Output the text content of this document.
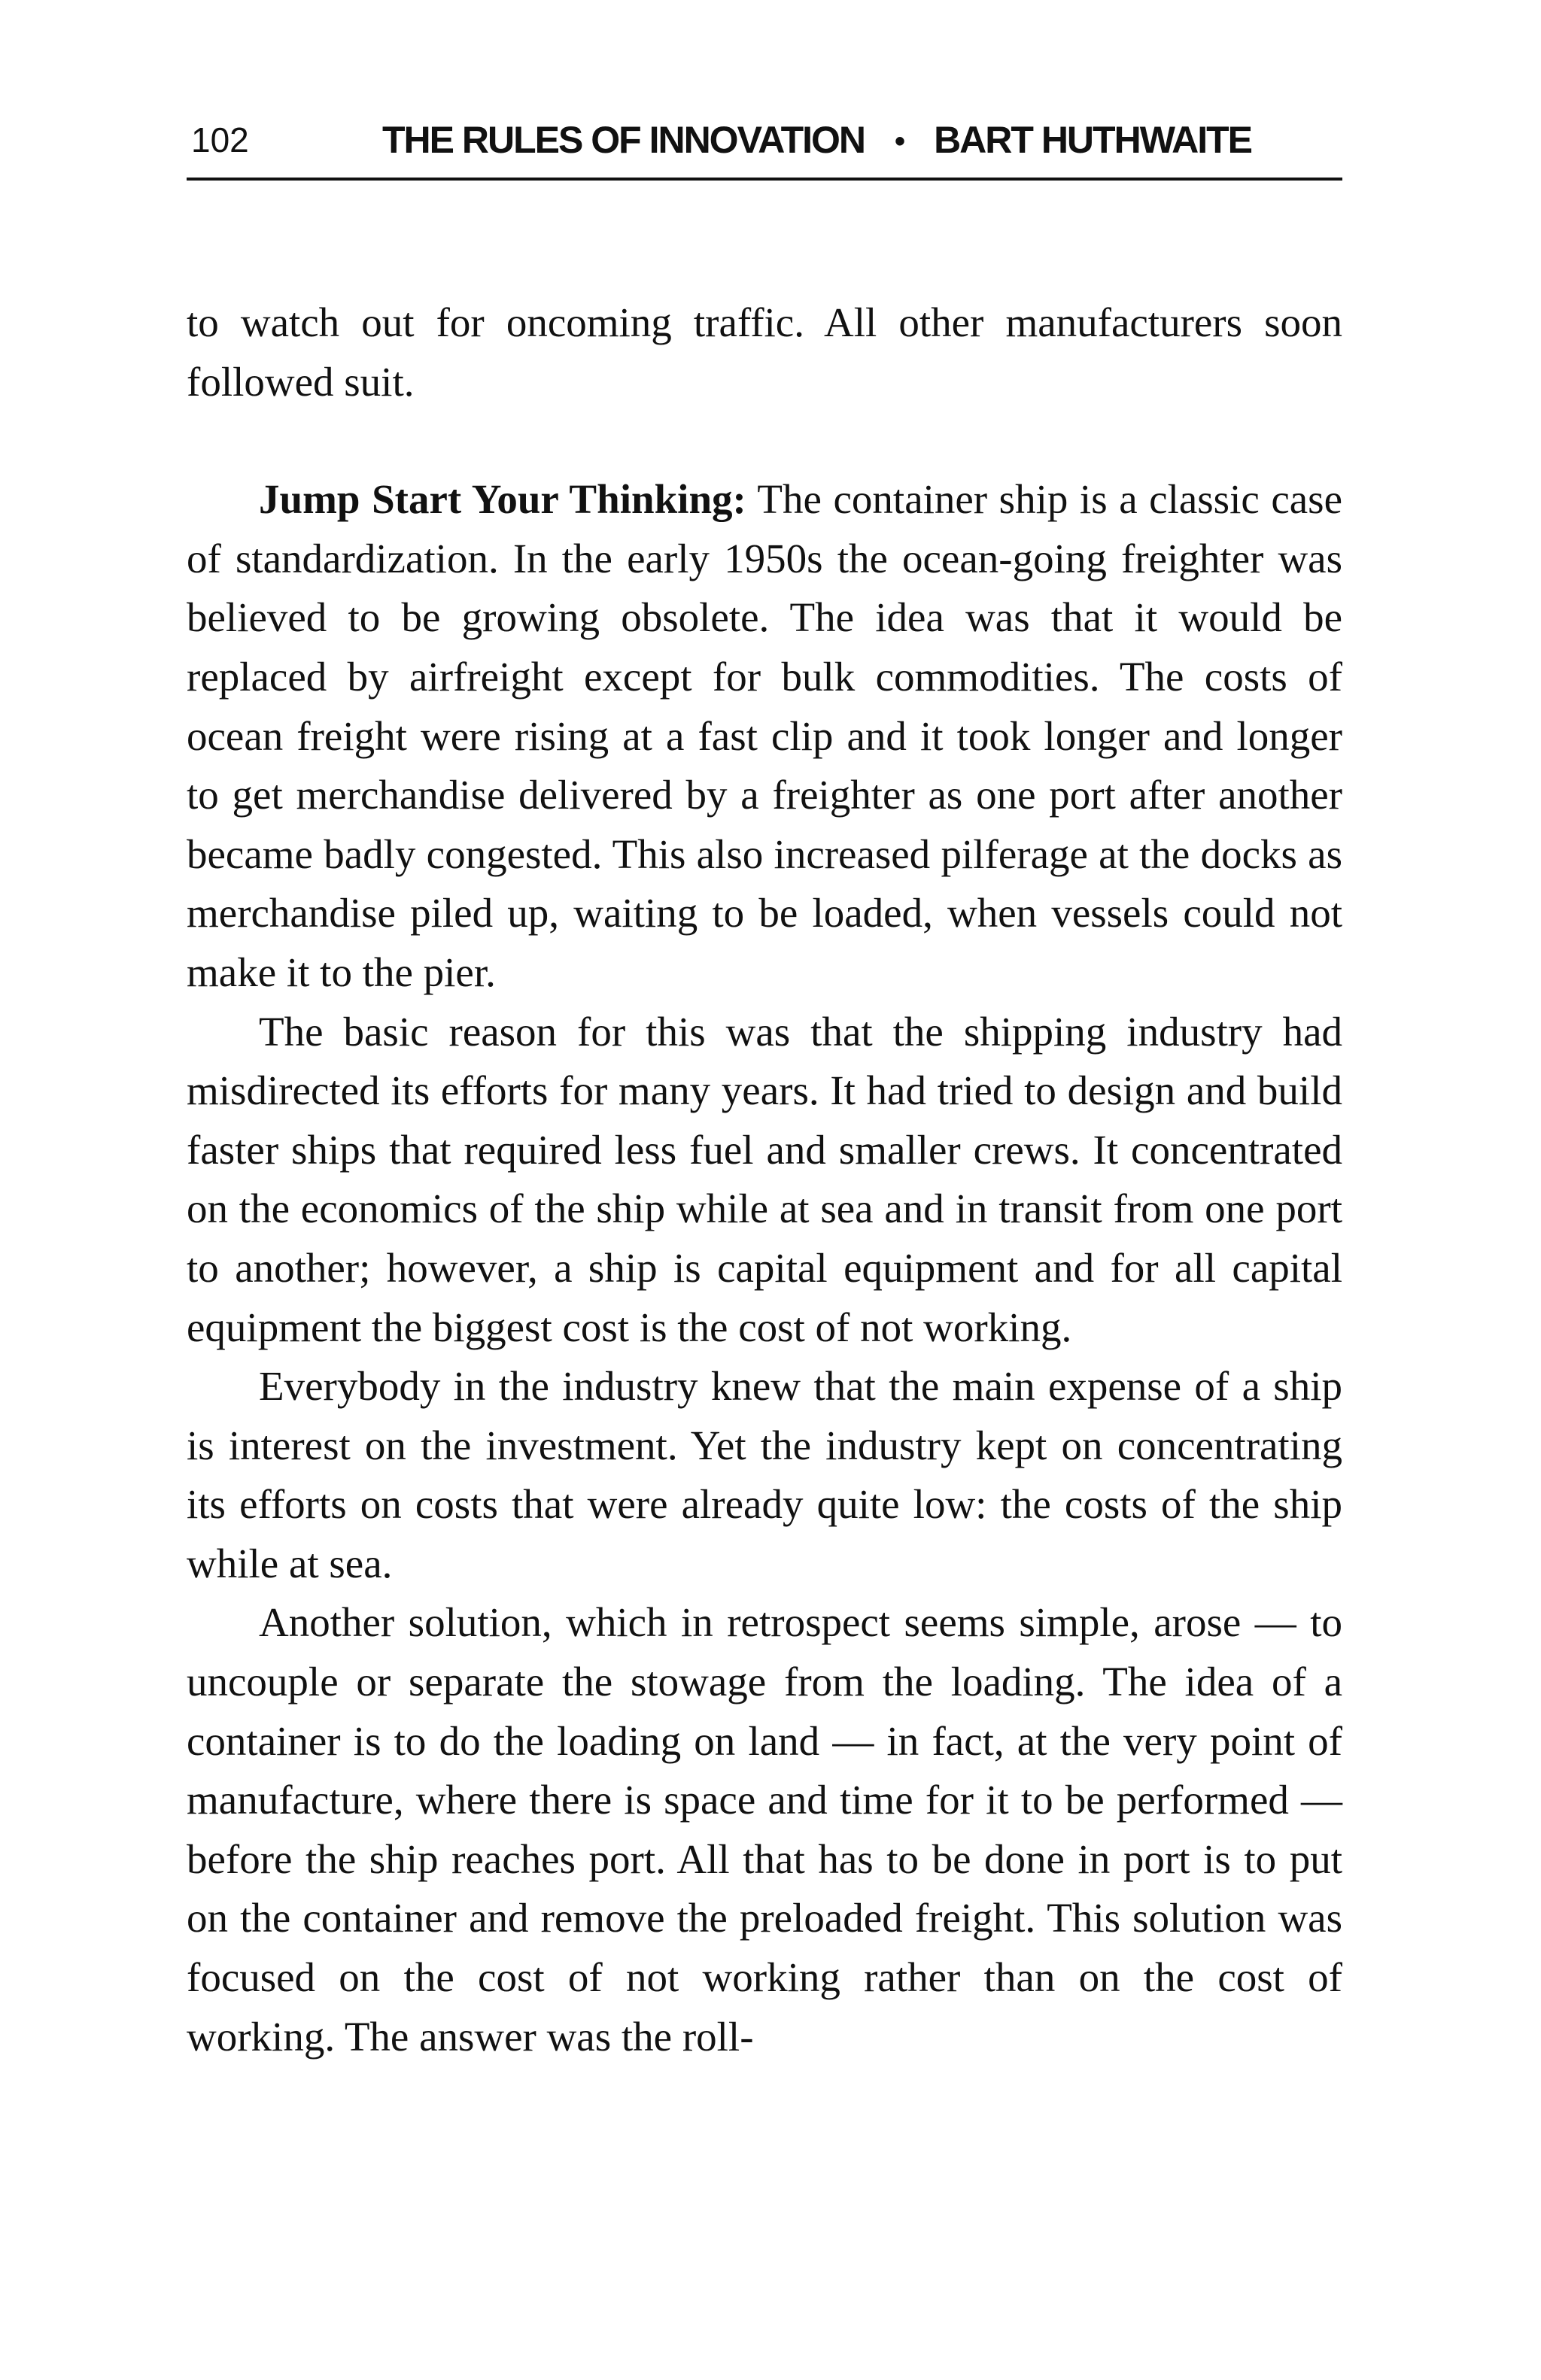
102	THE RULES OF INNOVATION • BART HUTHWAITE

to watch out for oncoming traffic. All other manufacturers soon followed suit.

Jump Start Your Thinking: The container ship is a classic case of standardization. In the early 1950s the ocean-going freighter was believed to be growing obsolete. The idea was that it would be replaced by airfreight except for bulk commodities. The costs of ocean freight were rising at a fast clip and it took longer and longer to get merchandise delivered by a freighter as one port after another became badly congested. This also increased pilferage at the docks as merchandise piled up, waiting to be loaded, when vessels could not make it to the pier.

The basic reason for this was that the shipping industry had misdirected its efforts for many years. It had tried to design and build faster ships that required less fuel and smaller crews. It concentrated on the economics of the ship while at sea and in transit from one port to another; however, a ship is capital equipment and for all capital equipment the biggest cost is the cost of not working.

Everybody in the industry knew that the main expense of a ship is interest on the investment. Yet the industry kept on concentrating its efforts on costs that were already quite low: the costs of the ship while at sea.

Another solution, which in retrospect seems simple, arose — to uncouple or separate the stowage from the loading. The idea of a container is to do the loading on land — in fact, at the very point of manufacture, where there is space and time for it to be performed — before the ship reaches port. All that has to be done in port is to put on the container and remove the preloaded freight. This solution was focused on the cost of not working rather than on the cost of working. The answer was the roll-
